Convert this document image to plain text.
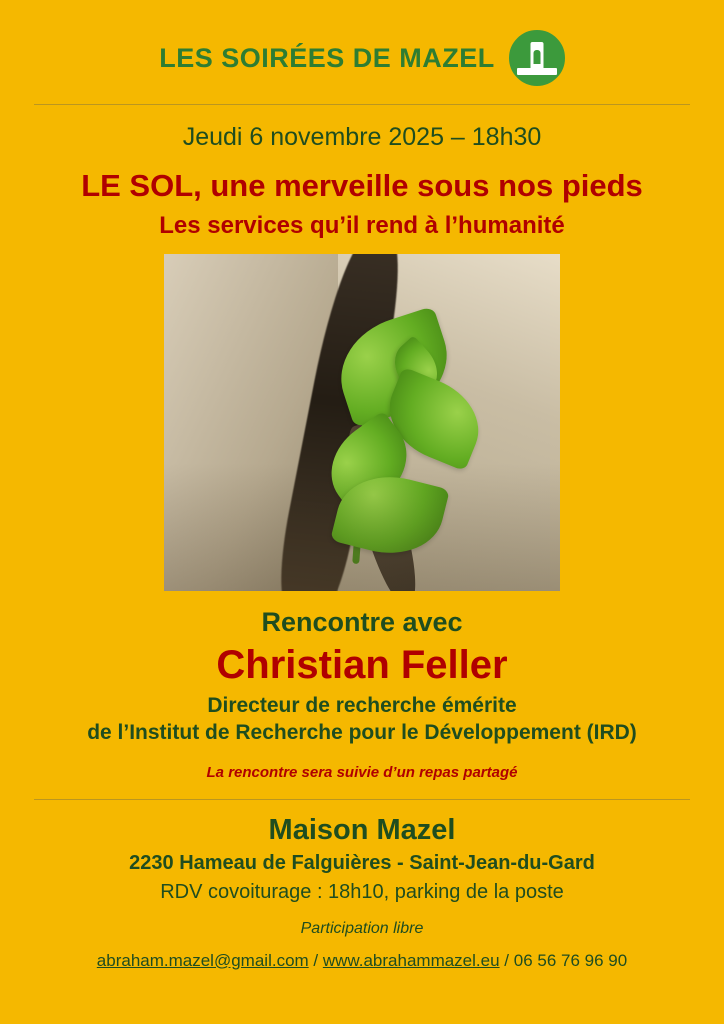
LES SOIRÉES DE MAZEL
Jeudi 6 novembre 2025 – 18h30
LE SOL, une merveille sous nos pieds
Les services qu’il rend à l’humanité
Rencontre avec
Christian Feller
Directeur de recherche émérite
de l’Institut de Recherche pour le Développement (IRD)
La rencontre sera suivie d’un repas partagé
Maison Mazel
2230 Hameau de Falguières - Saint-Jean-du-Gard
RDV covoiturage : 18h10, parking de la poste
Participation libre
abraham.mazel@gmail.com / www.abrahammazel.eu / 06 56 76 96 90
